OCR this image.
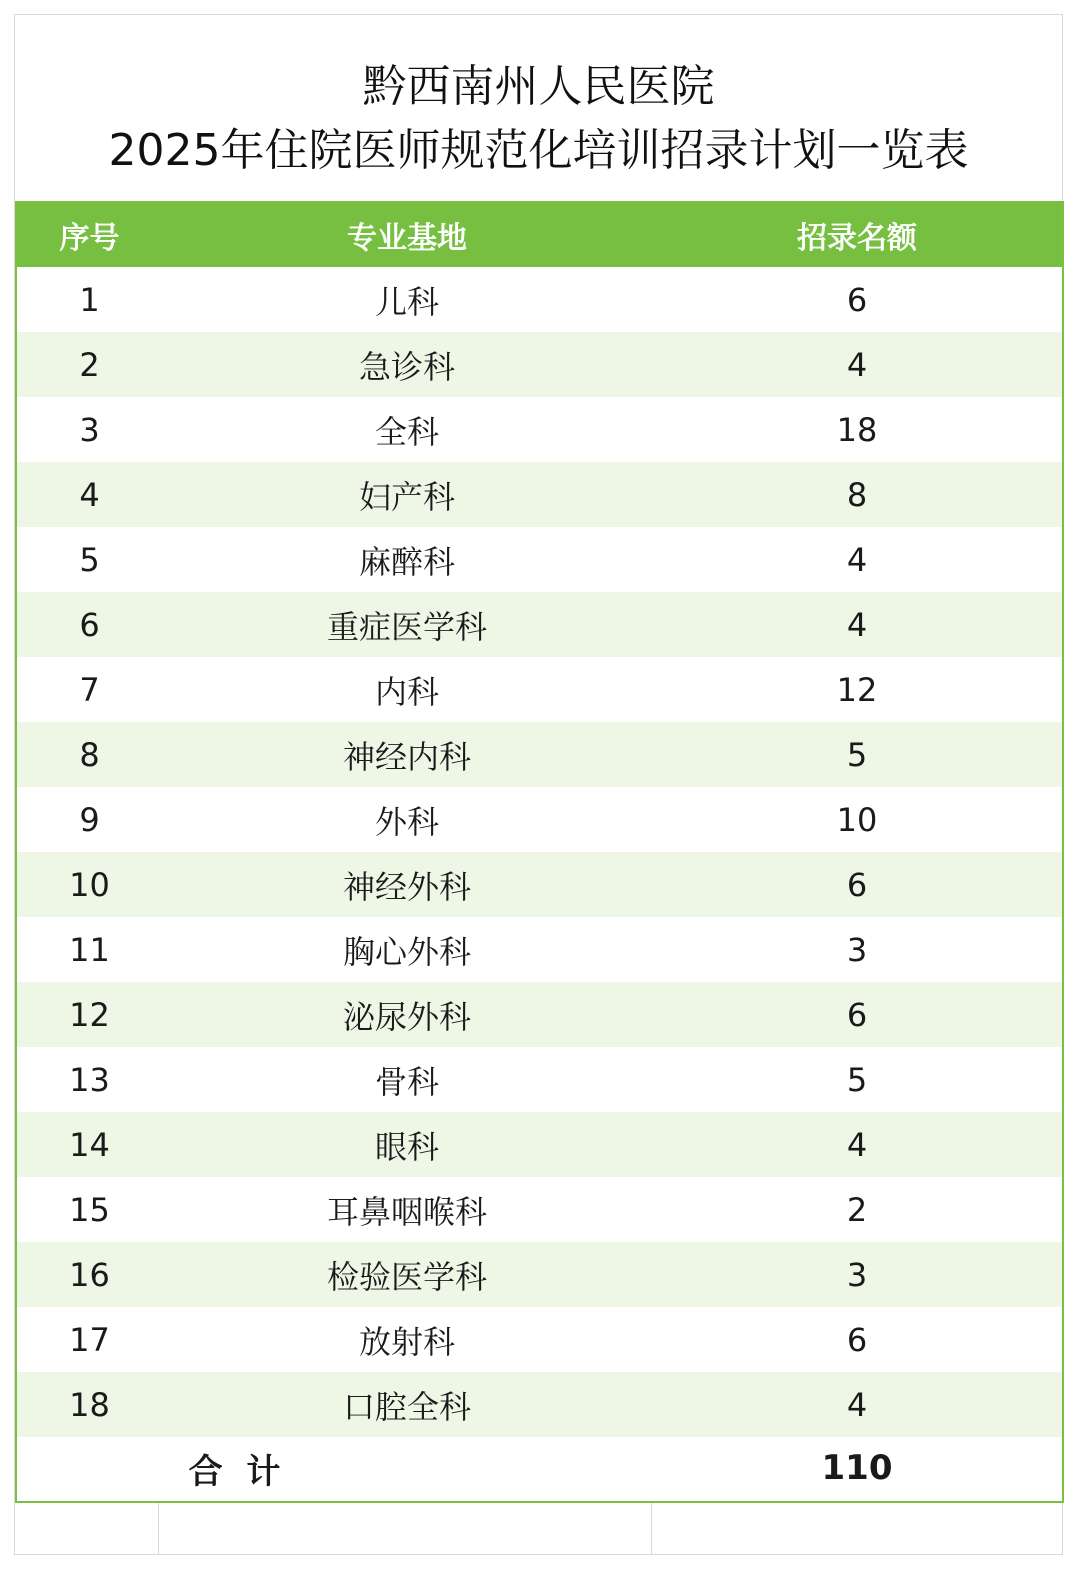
黔西南州人民医院
2025年住院医师规范化培训招录计划一览表
序号	专业基地	招录名额
1	儿科	6
2	急诊科	4
3	全科	18
4	妇产科	8
5	麻醉科	4
6	重症医学科	4
7	内科	12
8	神经内科	5
9	外科	10
10	神经外科	6
11	胸心外科	3
12	泌尿外科	6
13	骨科	5
14	眼科	4
15	耳鼻咽喉科	2
16	检验医学科	3
17	放射科	6
18	口腔全科	4
合  计		110
